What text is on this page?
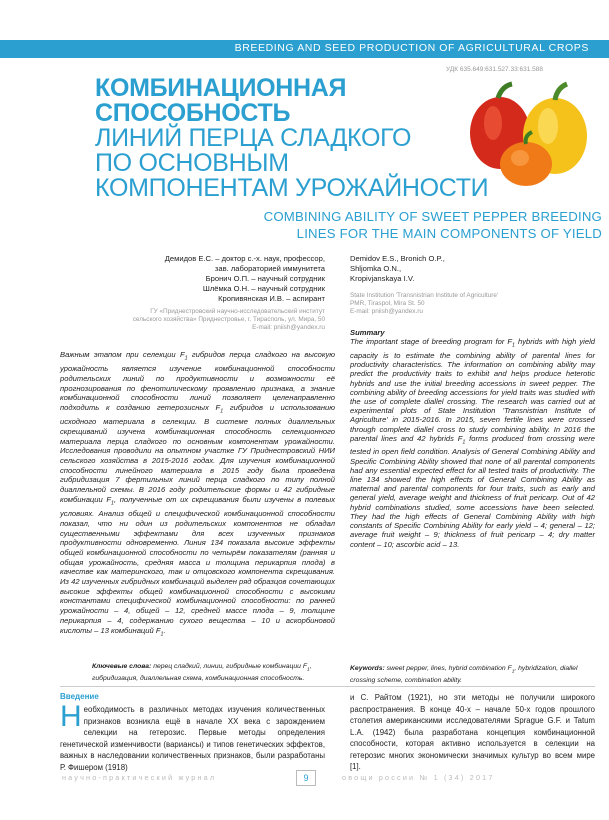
BREEDING AND SEED PRODUCTION OF AGRICULTURAL CROPS
УДК 635.649:631.527.33:631.588
КОМБИНАЦИОННАЯ СПОСОБНОСТЬ
ЛИНИЙ ПЕРЦА СЛАДКОГО
ПО ОСНОВНЫМ
КОМПОНЕНТАМ УРОЖАЙНОСТИ
COMBINING ABILITY OF SWEET PEPPER BREEDING
LINES FOR THE MAIN COMPONENTS OF YIELD
Демидов Е.С. – доктор с.-х. наук, профессор,
зав. лабораторией иммунитета
Бронич О.П. – научный сотрудник
Шлёмка О.Н. – научный сотрудник
Кропивянская И.В. – аспирант
ГУ «Приднестровский научно-исследовательский институт
сельского хозяйства» Приднестровье, г. Тирасполь, ул. Мира, 50
E-mail: pniish@yandex.ru
Demidov E.S., Bronich O.P.,
Shljomka O.N.,
Kropivjanskaya I.V.
State Institution 'Transnistrian Institute of Agriculture'
PMR, Tiraspol, Mira St. 50
E-mail: pniish@yandex.ru
Важным этапом при селекции $F_1$ гибридов перца сладкого на высокую урожайность является изучение комбинационной способности родительских линий по продуктивности и возможности её прогнозирования по фенотипическому проявлению признака, а знание комбинационной способности линий позволяет целенаправленно подходить к созданию гетерозисных $F_1$ гибридов и использованию исходного материала в селекции. В системе полных диаллельных скрещиваний изучена комбинационная способность селекционного материала перца сладкого по основным компонентам урожайности. Исследования проводили на опытном участке ГУ Приднестровский НИИ сельского хозяйства в 2015-2016 годах. Для изучения комбинационной способности линейного материала в 2015 году была проведена гибридизация 7 фертильных линий перца сладкого по типу полной диаллельной схемы. В 2016 году родительские формы и 42 гибридные комбинации $F_1$, полученные от их скрещивания были изучены в полевых условиях. Анализ общей и специфической комбинационной способности показал, что ни один из родительских компонентов не обладал существенными эффектами для всех изученных признаков продуктивности одновременно. Линия 134 показала высокие эффекты общей комбинационной способности по четырём показателям (ранняя и общая урожайность, средняя масса и толщина перикарпия плода) в качестве как материнского, так и отцовского компонента скрещивания. Из 42 изученных гибридных комбинаций выделен ряд образцов сочетающих высокие эффекты общей комбинационной способности с высокими константами специфической комбинационной способности: по ранней урожайности – 4, общей – 12, средней массе плода – 9, толщине перикарпия – 4, содержанию сухого вещества – 10 и аскорбиновой кислоты – 13 комбинаций $F_1$.
Ключевые слова: перец сладкий, линии, гибридные комбинации $F_1$, гибридизация, диаллельная схема, комбинационная способность.
Summary
The important stage of breeding program for $F_1$ hybrids with high yield capacity is to estimate the combining ability of parental lines for productivity characteristics. The information on combining ability may predict the productivity traits to exhibit and helps produce heterotic hybrids and use the initial breeding accessions in sweet pepper. The combining ability of breeding accessions for yield traits was studied with the use of complete diallel crossing. The research was carried out at experimental plots of State Institution 'Transnistrian Institute of Agriculture' in 2015-2016. In 2015, seven fertile lines were crossed through complete diallel cross to study combining ability. In 2016 the parental lines and 42 hybrids $F_1$ forms produced from crossing were tested in open field condition. Analysis of General Combining Ability and Specific Combining Ability showed that none of all parental components had any essential expected effect for all tested traits of productivity. The line 134 showed the high effects of General Combining Ability as maternal and parental components for four traits, such as early and general yield, average weight and thickness of fruit pericarp. Out of 42 hybrid combinations studied, some accessions have been selected. They had the high effects of General Combining Ability with high constants of Specific Combining Ability for early yield – 4; general – 12; average fruit weight – 9; thickness of fruit pericarp – 4; dry matter content – 10; ascorbic acid – 13.
Keywords: sweet pepper, lines, hybrid combination $F_1$, hybridization, diallel crossing scheme, combination ability.
Введение
Необходимость в различных методах изучения количественных признаков возникла ещё в начале XX века с зарождением селекции на гетерозис. Первые методы определения генетической изменчивости (вариансы) и типов генетических эффектов, важных в наследовании количественных признаков, были разработаны Р. Фишером (1918)
и С. Райтом (1921), но эти методы не получили широкого распространения. В конце 40-х – начале 50-х годов прошлого столетия американскими исследователями Sprague G.F. и Tatum L.A. (1942) была разработана концепция комбинационной способности, которая активно используется в селекции на гетерозис многих экономически значимых культур во всем мире [1].
научно-практический журнал	9	овощи россии № 1 (34) 2017
